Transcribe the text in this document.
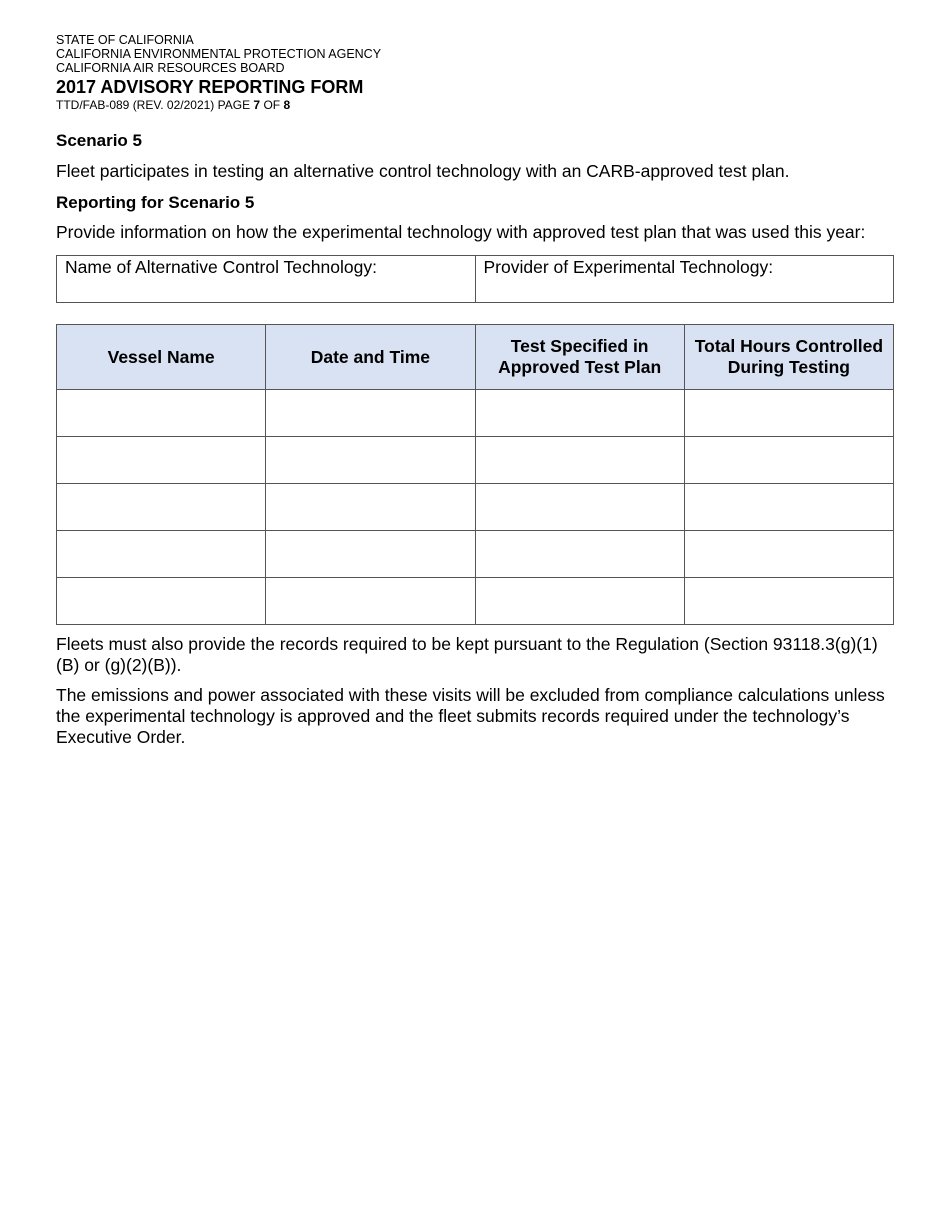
STATE OF CALIFORNIA
CALIFORNIA ENVIRONMENTAL PROTECTION AGENCY
CALIFORNIA AIR RESOURCES BOARD
2017 ADVISORY REPORTING FORM
TTD/FAB-089 (REV. 02/2021) PAGE 7 OF 8
Scenario 5

Fleet participates in testing an alternative control technology with an CARB-approved test plan.

Reporting for Scenario 5

Provide information on how the experimental technology with approved test plan that was used this year:

Name of Alternative Control Technology:	Provider of Experimental Technology:
Vessel Name	Date and Time	Test Specified in Approved Test Plan	Total Hours Controlled During Testing

Fleets must also provide the records required to be kept pursuant to the Regulation (Section 93118.3(g)(1)(B) or (g)(2)(B)).

The emissions and power associated with these visits will be excluded from compliance calculations unless the experimental technology is approved and the fleet submits records required under the technology’s Executive Order.
